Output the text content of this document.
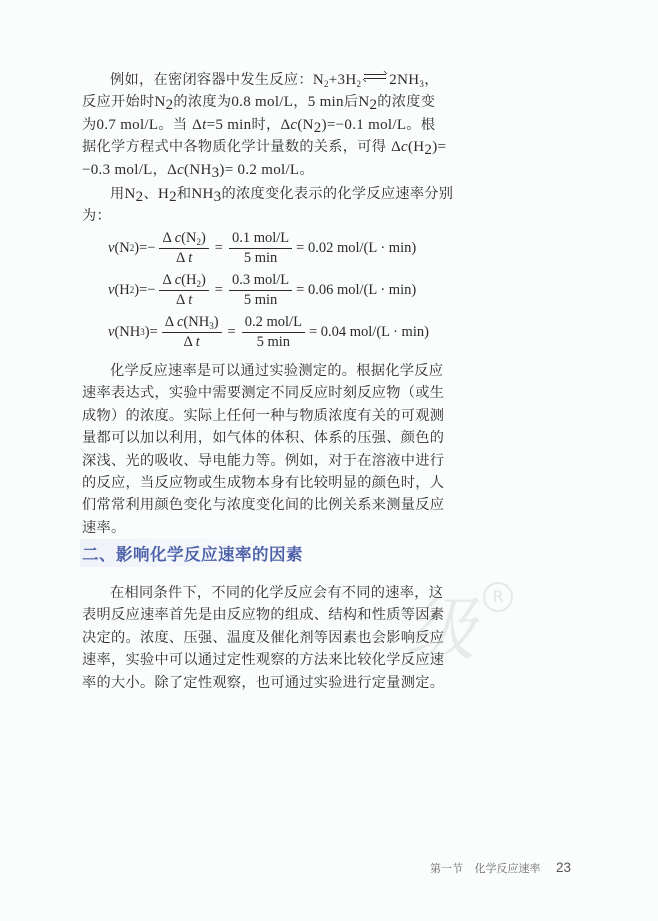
例如，在密闭容器中发生反应：$N_2+3H_2$ $2NH_3$，
反应开始时$N_2$的浓度为0.8 mol/L，5 min后$N_2$的浓度变
为0.7 mol/L。当 Δt=5 min时，$\Delta c(N_2)=-0.1$ mol/L。根
据化学方程式中各物质化学计量数的关系，可得 $\Delta c(H_2)=$
−0.3 mol/L，$\Delta c(NH_3)= 0.2$ mol/L。
用$N_2$、$H_2$和$NH_3$的浓度变化表示的化学反应速率分别
为：
v ( N 2 )=− $\frac{\Delta c(N_2)}{\text{Δ  t}} = \frac{\text{0.1 mol/L}}{5 \min} = 0.02$ mol/(L · min)
v ( H 2 )=− $\frac{\Delta c(H_2)}{\text{Δ  t}} = \frac{\text{0.3 mol/L}}{5 \min} = 0.06$ mol/(L · min)
v ( NH 3 )= $\frac{\Delta c(NH_3)}{\text{Δ  t}} = \frac{\text{0.2 mol/L}}{5 \min} = 0.04$ mol/(L · min)
化学反应速率是可以通过实验测定的。根据化学反应
速率表达式，实验中需要测定不同反应时刻反应物（或生
成物）的浓度。实际上任何一种与物质浓度有关的可观测
量都可以加以利用，如气体的体积、体系的压强、颜色的
深浅、光的吸收、导电能力等。例如，对于在溶液中进行
的反应，当反应物或生成物本身有比较明显的颜色时，人
们常常利用颜色变化与浓度变化间的比例关系来测量反应
速率。
二、影响化学反应速率的因素
级	R
在相同条件下，不同的化学反应会有不同的速率，这
表明反应速率首先是由反应物的组成、结构和性质等因素
决定的。浓度、压强、温度及催化剂等因素也会影响反应
速率，实验中可以通过定性观察的方法来比较化学反应速
率的大小。除了定性观察，也可通过实验进行定量测定。
第一节 化学反应速率 23
